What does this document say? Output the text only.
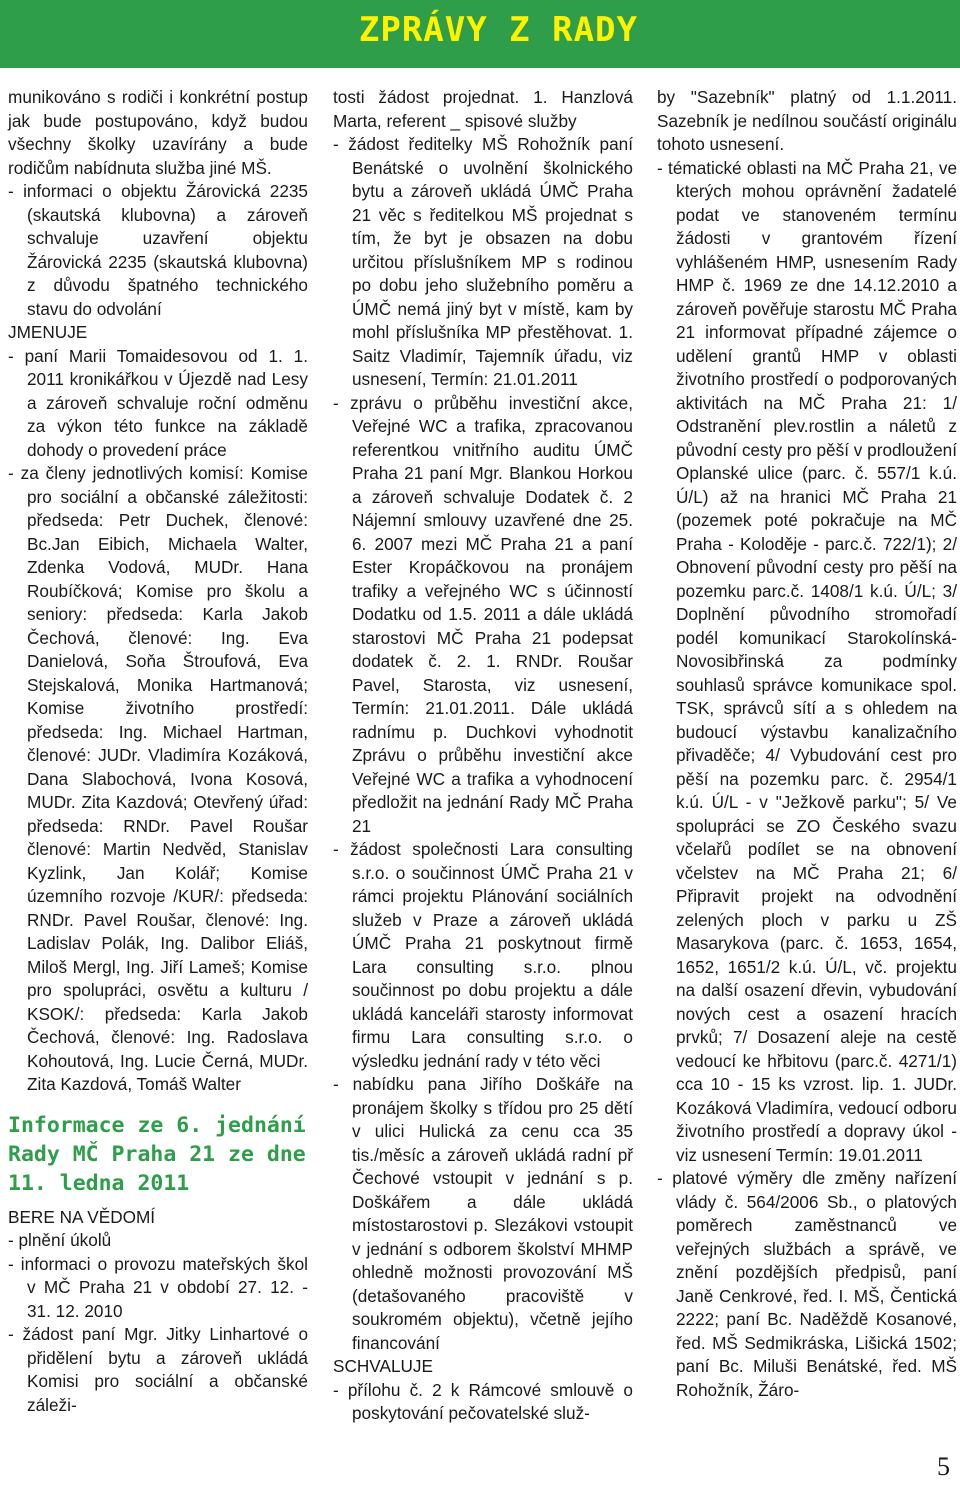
ZPRÁVY Z RADY

munikováno s rodiči i konkrétní postup jak bude postupováno, když budou všechny školky uzavírány a bude rodičům nabídnuta služba jiné MŠ.

- informaci o objektu Žárovická 2235 (skautská klubovna) a zároveň schvaluje uzavření objektu Žárovická 2235 (skautská klubovna) z důvodu špatného technického stavu do odvolání

JMENUJE

- paní Marii Tomaidesovou od 1. 1. 2011 kronikářkou v Újezdě nad Lesy a zároveň schvaluje roční odměnu za výkon této funkce na základě dohody o provedení práce

- za členy jednotlivých komisí: Komise pro sociální a občanské záležitosti: předseda: Petr Duchek, členové: Bc.Jan Eibich, Michaela Walter, Zdenka Vodová, MUDr. Hana Roubíčková; Komise pro školu a seniory: předseda: Karla Jakob Čechová, členové: Ing. Eva Danielová, Soňa Štroufová, Eva Stejskalová, Monika Hartmanová; Komise životního prostředí: předseda: Ing. Michael Hartman, členové: JUDr. Vladimíra Kozáková, Dana Slabochová, Ivona Kosová, MUDr. Zita Kazdová; Otevřený úřad: předseda: RNDr. Pavel Roušar členové: Martin Nedvěd, Stanislav Kyzlink, Jan Kolář; Komise územního rozvoje /KUR/: předseda: RNDr. Pavel Roušar, členové: Ing. Ladislav Polák, Ing. Dalibor Eliáš, Miloš Mergl, Ing. Jiří Lameš; Komise pro spolupráci, osvětu a kulturu / KSOK/: předseda: Karla Jakob Čechová, členové: Ing. Radoslava Kohoutová, Ing. Lucie Černá, MUDr. Zita Kazdová, Tomáš Walter

Informace ze 6. jednání Rady MČ Praha 21 ze dne 11. ledna 2011

BERE NA VĚDOMÍ

- plnění úkolů

- informaci o provozu mateřských škol v MČ Praha 21 v období 27. 12. - 31. 12. 2010

- žádost paní Mgr. Jitky Linhartové o přidělení bytu a zároveň ukládá Komisi pro sociální a občanské záleži-

tosti žádost projednat. 1. Hanzlová Marta, referent _ spisové služby

- žádost ředitelky MŠ Rohožník paní Benátské o uvolnění školnického bytu a zároveň ukládá ÚMČ Praha 21 věc s ředitelkou MŠ projednat s tím, že byt je obsazen na dobu určitou příslušníkem MP s rodinou po dobu jeho služebního poměru a ÚMČ nemá jiný byt v místě, kam by mohl příslušníka MP přestěhovat. 1. Saitz Vladimír, Tajemník úřadu, viz usnesení, Termín: 21.01.2011

- zprávu o průběhu investiční akce, Veřejné WC a trafika, zpracovanou referentkou vnitřního auditu ÚMČ Praha 21 paní Mgr. Blankou Horkou a zároveň schvaluje Dodatek č. 2 Nájemní smlouvy uzavřené dne 25. 6. 2007 mezi MČ Praha 21 a paní Ester Kropáčkovou na pronájem trafiky a veřejného WC s účinností Dodatku od 1.5. 2011 a dále ukládá starostovi MČ Praha 21 podepsat dodatek č. 2. 1. RNDr. Roušar Pavel, Starosta, viz usnesení, Termín: 21.01.2011. Dále ukládá radnímu p. Duchkovi vyhodnotit Zprávu o průběhu investiční akce Veřejné WC a trafika a vyhodnocení předložit na jednání Rady MČ Praha 21

- žádost společnosti Lara consulting s.r.o. o součinnost ÚMČ Praha 21 v rámci projektu Plánování sociálních služeb v Praze a zároveň ukládá ÚMČ Praha 21 poskytnout firmě Lara consulting s.r.o. plnou součinnost po dobu projektu a dále ukládá kanceláři starosty informovat firmu Lara consulting s.r.o. o výsledku jednání rady v této věci

- nabídku pana Jiřího Doškáře na pronájem školky s třídou pro 25 dětí v ulici Hulická za cenu cca 35 tis./měsíc a zároveň ukládá radní př Čechové vstoupit v jednání s p. Doškářem a dále ukládá místostarostovi p. Slezákovi vstoupit v jednání s odborem školství MHMP ohledně možnosti provozování MŠ (detašovaného pracoviště v soukromém objektu), včetně jejího financování

SCHVALUJE

- přílohu č. 2 k Rámcové smlouvě o poskytování pečovatelské služ-

by "Sazebník" platný od 1.1.2011. Sazebník je nedílnou součástí originálu tohoto usnesení.

- tématické oblasti na MČ Praha 21, ve kterých mohou oprávnění žadatelé podat ve stanoveném termínu žádosti v grantovém řízení vyhlášeném HMP, usnesením Rady HMP č. 1969 ze dne 14.12.2010 a zároveň pověřuje starostu MČ Praha 21 informovat případné zájemce o udělení grantů HMP v oblasti životního prostředí o podporovaných aktivitách na MČ Praha 21: 1/ Odstranění plev.rostlin a náletů z původní cesty pro pěší v prodloužení Oplanské ulice (parc. č. 557/1 k.ú. Ú/L) až na hranici MČ Praha 21 (pozemek poté pokračuje na MČ Praha - Koloděje - parc.č. 722/1); 2/ Obnovení původní cesty pro pěší na pozemku parc.č. 1408/1 k.ú. Ú/L; 3/ Doplnění původního stromořadí podél komunikací Starokolínská-Novosibřinská za podmínky souhlasů správce komunikace spol. TSK, správců sítí a s ohledem na budoucí výstavbu kanalizačního přivaděče; 4/ Vybudování cest pro pěší na pozemku parc. č. 2954/1 k.ú. Ú/L - v "Ježkově parku"; 5/ Ve spolupráci se ZO Českého svazu včelařů podílet se na obnovení včelstev na MČ Praha 21; 6/ Připravit projekt na odvodnění zelených ploch v parku u ZŠ Masarykova (parc. č. 1653, 1654, 1652, 1651/2 k.ú. Ú/L, vč. projektu na další osazení dřevin, vybudování nových cest a osazení hracích prvků; 7/ Dosazení aleje na cestě vedoucí ke hřbitovu (parc.č. 4271/1) cca 10 - 15 ks vzrost. lip. 1. JUDr. Kozáková Vladimíra, vedoucí odboru životního prostředí a dopravy úkol - viz usnesení Termín: 19.01.2011

- platové výměry dle změny nařízení vlády č. 564/2006 Sb., o platových poměrech zaměstnanců ve veřejných službách a správě, ve znění pozdějších předpisů, paní Janě Cenkrové, řed. I. MŠ, Čentická 2222; paní Bc. Naděždě Kosanové, řed. MŠ Sedmikráska, Lišická 1502; paní Bc. Miluši Benátské, řed. MŠ Rohožník, Žáro-

5
